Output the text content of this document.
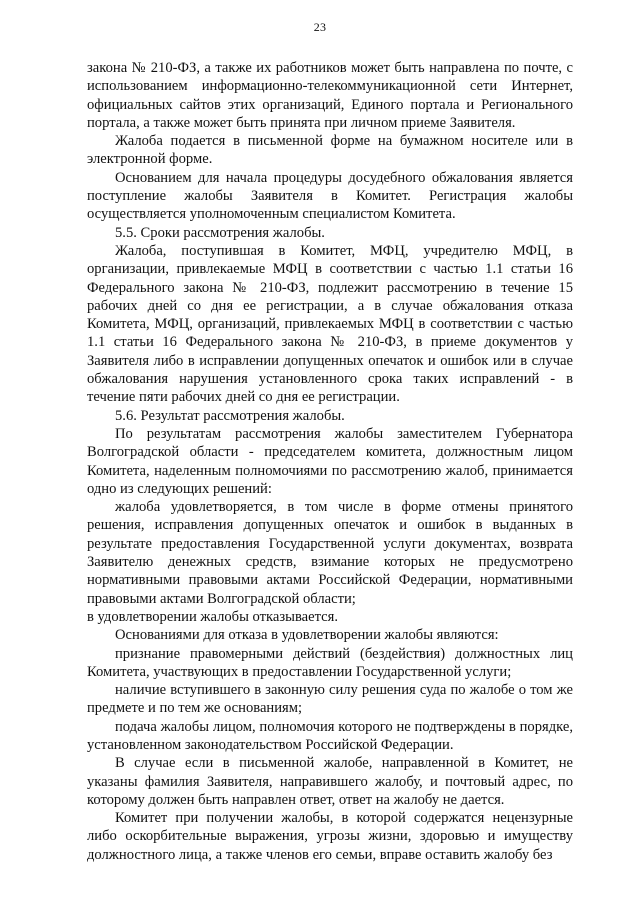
23

закона № 210-ФЗ, а также их работников может быть направлена по почте, с использованием информационно-телекоммуникационной сети Интернет, официальных сайтов этих организаций, Единого портала и Регионального портала, а также может быть принята при личном приеме Заявителя.

Жалоба подается в письменной форме на бумажном носителе или в электронной форме.

Основанием для начала процедуры досудебного обжалования является поступление жалобы Заявителя в Комитет. Регистрация жалобы осуществляется уполномоченным специалистом Комитета.

5.5. Сроки рассмотрения жалобы.

Жалоба, поступившая в Комитет, МФЦ, учредителю МФЦ, в организации, привлекаемые МФЦ в соответствии с частью 1.1 статьи 16 Федерального закона № 210-ФЗ, подлежит рассмотрению в течение 15 рабочих дней со дня ее регистрации, а в случае обжалования отказа Комитета, МФЦ, организаций, привлекаемых МФЦ в соответствии с частью 1.1 статьи 16 Федерального закона № 210-ФЗ, в приеме документов у Заявителя либо в исправлении допущенных опечаток и ошибок или в случае обжалования нарушения установленного срока таких исправлений - в течение пяти рабочих дней со дня ее регистрации.

5.6. Результат рассмотрения жалобы.

По результатам рассмотрения жалобы заместителем Губернатора Волгоградской области - председателем комитета, должностным лицом Комитета, наделенным полномочиями по рассмотрению жалоб, принимается одно из следующих решений:

жалоба удовлетворяется, в том числе в форме отмены принятого решения, исправления допущенных опечаток и ошибок в выданных в результате предоставления Государственной услуги документах, возврата Заявителю денежных средств, взимание которых не предусмотрено нормативными правовыми актами Российской Федерации, нормативными правовыми актами Волгоградской области;

в удовлетворении жалобы отказывается.

Основаниями для отказа в удовлетворении жалобы являются:

признание правомерными действий (бездействия) должностных лиц Комитета, участвующих в предоставлении Государственной услуги;

наличие вступившего в законную силу решения суда по жалобе о том же предмете и по тем же основаниям;

подача жалобы лицом, полномочия которого не подтверждены в порядке, установленном законодательством Российской Федерации.

В случае если в письменной жалобе, направленной в Комитет, не указаны фамилия Заявителя, направившего жалобу, и почтовый адрес, по которому должен быть направлен ответ, ответ на жалобу не дается.

Комитет при получении жалобы, в которой содержатся нецензурные либо оскорбительные выражения, угрозы жизни, здоровью и имуществу должностного лица, а также членов его семьи, вправе оставить жалобу без
